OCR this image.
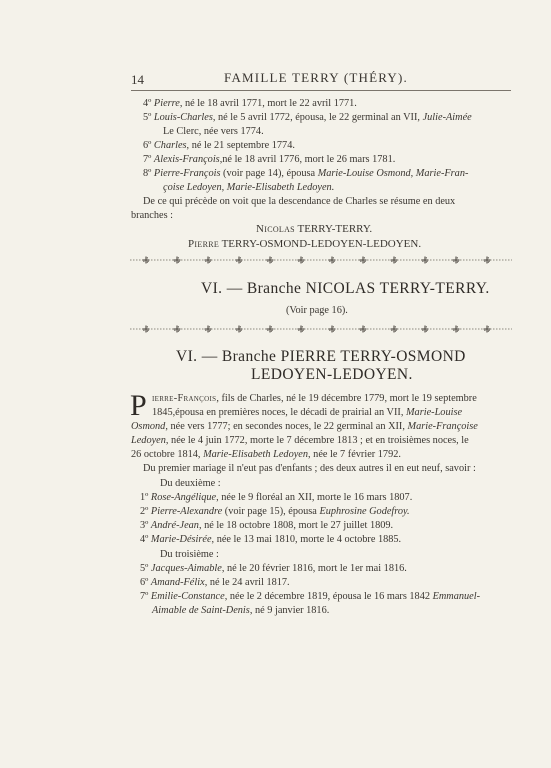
14	FAMILLE TERRY (THÉRY).
4º Pierre, né le 18 avril 1771, mort le 22 avril 1771.
5º Louis-Charles, né le 5 avril 1772, épousa, le 22 germinal an VII, Julie-Aimée
Le Clerc, née vers 1774.
6º Charles, né le 21 septembre 1774.
7º Alexis-François,né le 18 avril 1776, mort le 26 mars 1781.
8º Pierre-François (voir page 14), épousa Marie-Louise Osmond, Marie-Fran-
çoise Ledoyen, Marie-Elisabeth Ledoyen.
De ce qui précède on voit que la descendance de Charles se résume en deux
branches :
Nicolas TERRY-TERRY.
Pierre TERRY-OSMOND-LEDOYEN-LEDOYEN.
VI. — Branche NICOLAS TERRY-TERRY.
(Voir page 16).
VI. — Branche PIERRE TERRY-OSMOND
LEDOYEN-LEDOYEN.
P ierre-François, fils de Charles, né le 19 décembre 1779, mort le 19 septembre
1845,épousa en premières noces, le décadi de prairial an VII, Marie-Louise
Osmond, née vers 1777; en secondes noces, le 22 germinal an XII, Marie-Françoise
Ledoyen, née le 4 juin 1772, morte le 7 décembre 1813 ; et en troisièmes noces, le
26 octobre 1814, Marie-Elisabeth Ledoyen, née le 7 février 1792.
Du premier mariage il n'eut pas d'enfants ; des deux autres il en eut neuf, savoir :
Du deuxième :
1º Rose-Angélique, née le 9 floréal an XII, morte le 16 mars 1807.
2º Pierre-Alexandre (voir page 15), épousa Euphrosine Godefroy.
3º André-Jean, né le 18 octobre 1808, mort le 27 juillet 1809.
4º Marie-Désirée, née le 13 mai 1810, morte le 4 octobre 1885.
Du troisième :
5º Jacques-Aimable, né le 20 février 1816, mort le 1er mai 1816.
6º Amand-Félix, né le 24 avril 1817.
7º Emilie-Constance, née le 2 décembre 1819, épousa le 16 mars 1842 Emmanuel-
Aimable de Saint-Denis, né 9 janvier 1816.
